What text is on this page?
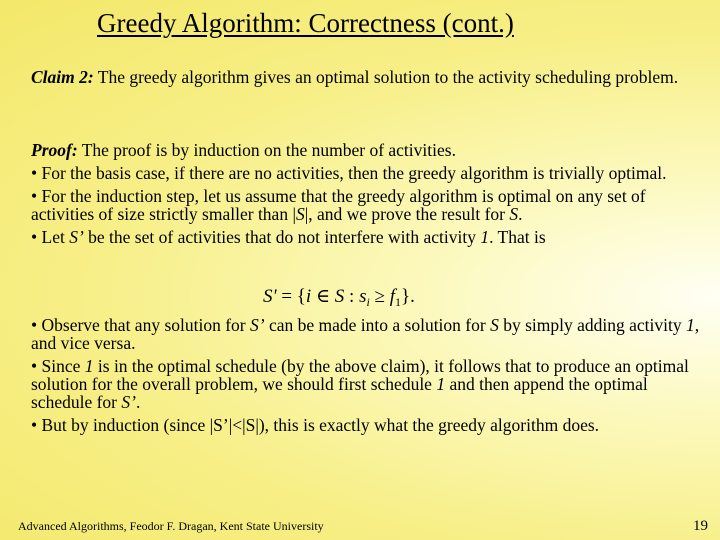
Greedy Algorithm: Correctness (cont.)

Claim 2: The greedy algorithm gives an optimal solution to the activity scheduling problem.

Proof: The proof is by induction on the number of activities.

• For the basis case, if there are no activities, then the greedy algorithm is trivially optimal.

• For the induction step, let us assume that the greedy algorithm is optimal on any set of activities of size strictly smaller than |S|, and we prove the result for S.

• Let S’ be the set of activities that do not interfere with activity 1. That is

S' = {i ∈ S : $s_i \ge f_1$}.

• Observe that any solution for S’ can be made into a solution for S by simply adding activity 1, and vice versa.

• Since 1 is in the optimal schedule (by the above claim), it follows that to produce an optimal solution for the overall problem, we should first schedule 1 and then append the optimal schedule for S’.

• But by induction (since |S’|<|S|), this is exactly what the greedy algorithm does.

Advanced Algorithms, Feodor F. Dragan, Kent State University	19
